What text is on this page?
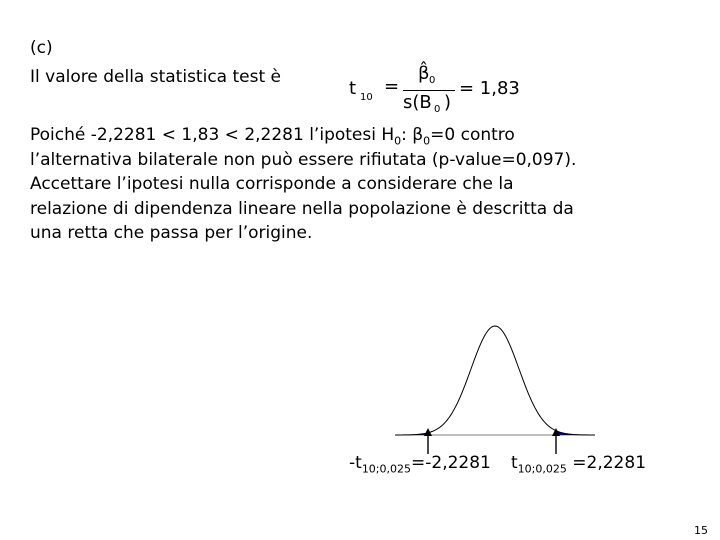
(c)
Il valore della statistica test è
t 10
=
β̂ 0
s(B 0 )
= 1,83
Poiché -2,2281 < 1,83 < 2,2281 l’ipotesi $H_0$: $\beta_0=0$ contro
l’alternativa bilaterale non può essere rifiutata (p-value=0,097).
Accettare l’ipotesi nulla corrisponde a considerare che la
relazione di dipendenza lineare nella popolazione è descritta da
una retta che passa per l’origine.
$-t_{10;0,025}=-2,2281$ $t_{10;0,025} =2,2281$
15
